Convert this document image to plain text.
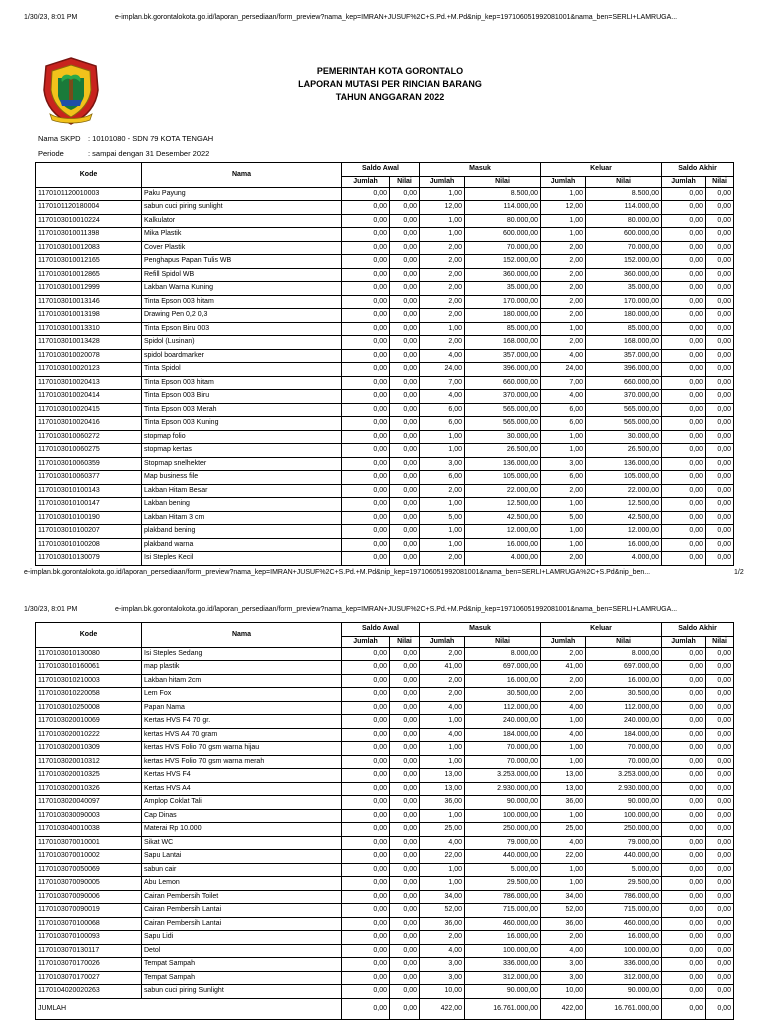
1/30/23, 8:01 PM	e-implan.bk.gorontalokota.go.id/laporan_persediaan/form_preview?nama_kep=IMRAN+JUSUF%2C+S.Pd.+M.Pd&nip_kep=197106051992081001&nama_ben=SERLI+LAMRUGA...
PEMERINTAH KOTA GORONTALO
LAPORAN MUTASI PER RINCIAN BARANG
TAHUN ANGGARAN 2022
Nama SKPD : 10101080 - SDN 79 KOTA TENGAH
Periode	: sampai dengan 31 Desember 2022
Kode	Nama	Saldo Awal		Masuk		Keluar		Saldo Akhir	
		Jumlah	Nilai	Jumlah	Nilai	Jumlah	Nilai	Jumlah	Nilai
1170101120010003	Paku Payung	0,00	0,00	1,00	8.500,00	1,00	8.500,00	0,00	0,00
1170101120180004	sabun cuci piring sunlight	0,00	0,00	12,00	114.000,00	12,00	114.000,00	0,00	0,00
1170103010010224	Kalkulator	0,00	0,00	1,00	80.000,00	1,00	80.000,00	0,00	0,00
1170103010011398	Mika Plastik	0,00	0,00	1,00	600.000,00	1,00	600.000,00	0,00	0,00
1170103010012083	Cover Plastik	0,00	0,00	2,00	70.000,00	2,00	70.000,00	0,00	0,00
1170103010012165	Penghapus Papan Tulis WB	0,00	0,00	2,00	152.000,00	2,00	152.000,00	0,00	0,00
1170103010012865	Refill Spidol WB	0,00	0,00	2,00	360.000,00	2,00	360.000,00	0,00	0,00
1170103010012999	Lakban Warna Kuning	0,00	0,00	2,00	35.000,00	2,00	35.000,00	0,00	0,00
1170103010013146	Tinta Epson 003 hitam	0,00	0,00	2,00	170.000,00	2,00	170.000,00	0,00	0,00
1170103010013198	Drawing Pen 0,2 0,3	0,00	0,00	2,00	180.000,00	2,00	180.000,00	0,00	0,00
1170103010013310	Tinta Epson Biru 003	0,00	0,00	1,00	85.000,00	1,00	85.000,00	0,00	0,00
1170103010013428	Spidol (Lusinan)	0,00	0,00	2,00	168.000,00	2,00	168.000,00	0,00	0,00
1170103010020078	spidol boardmarker	0,00	0,00	4,00	357.000,00	4,00	357.000,00	0,00	0,00
1170103010020123	Tinta Spidol	0,00	0,00	24,00	396.000,00	24,00	396.000,00	0,00	0,00
1170103010020413	Tinta Epson 003 hitam	0,00	0,00	7,00	660.000,00	7,00	660.000,00	0,00	0,00
1170103010020414	Tinta Epson 003 Biru	0,00	0,00	4,00	370.000,00	4,00	370.000,00	0,00	0,00
1170103010020415	Tinta Epson 003 Merah	0,00	0,00	6,00	565.000,00	6,00	565.000,00	0,00	0,00
1170103010020416	Tinta Epson 003 Kuning	0,00	0,00	6,00	565.000,00	6,00	565.000,00	0,00	0,00
1170103010060272	stopmap folio	0,00	0,00	1,00	30.000,00	1,00	30.000,00	0,00	0,00
1170103010060275	stopmap kertas	0,00	0,00	1,00	26.500,00	1,00	26.500,00	0,00	0,00
1170103010060359	Stopmap snelhekter	0,00	0,00	3,00	136.000,00	3,00	136.000,00	0,00	0,00
1170103010060377	Map business file	0,00	0,00	6,00	105.000,00	6,00	105.000,00	0,00	0,00
1170103010100143	Lakban Hitam Besar	0,00	0,00	2,00	22.000,00	2,00	22.000,00	0,00	0,00
1170103010100147	Lakban bening	0,00	0,00	1,00	12.500,00	1,00	12.500,00	0,00	0,00
1170103010100190	Lakban Hitam 3 cm	0,00	0,00	5,00	42.500,00	5,00	42.500,00	0,00	0,00
1170103010100207	plakband bening	0,00	0,00	1,00	12.000,00	1,00	12.000,00	0,00	0,00
1170103010100208	plakband warna	0,00	0,00	1,00	16.000,00	1,00	16.000,00	0,00	0,00
1170103010130079	Isi Steples Kecil	0,00	0,00	2,00	4.000,00	2,00	4.000,00	0,00	0,00
e-implan.bk.gorontalokota.go.id/laporan_persediaan/form_preview?nama_kep=IMRAN+JUSUF%2C+S.Pd.+M.Pd&nip_kep=197106051992081001&nama_ben=SERLI+LAMRUGA%2C+S.Pd&nip_ben...	1/2
1/30/23, 8:01 PM	e-implan.bk.gorontalokota.go.id/laporan_persediaan/form_preview?nama_kep=IMRAN+JUSUF%2C+S.Pd.+M.Pd&nip_kep=197106051992081001&nama_ben=SERLI+LAMRUGA...
Kode	Nama	Saldo Awal		Masuk		Keluar		Saldo Akhir	
		Jumlah	Nilai	Jumlah	Nilai	Jumlah	Nilai	Jumlah	Nilai
1170103010130080	Isi Steples Sedang	0,00	0,00	2,00	8.000,00	2,00	8.000,00	0,00	0,00
1170103010160061	map plastik	0,00	0,00	41,00	697.000,00	41,00	697.000,00	0,00	0,00
1170103010210003	Lakban hitam 2cm	0,00	0,00	2,00	16.000,00	2,00	16.000,00	0,00	0,00
1170103010220058	Lem Fox	0,00	0,00	2,00	30.500,00	2,00	30.500,00	0,00	0,00
1170103010250008	Papan Nama	0,00	0,00	4,00	112.000,00	4,00	112.000,00	0,00	0,00
1170103020010069	Kertas HVS F4 70 gr.	0,00	0,00	1,00	240.000,00	1,00	240.000,00	0,00	0,00
1170103020010222	kertas HVS A4 70 gram	0,00	0,00	4,00	184.000,00	4,00	184.000,00	0,00	0,00
1170103020010309	kertas HVS Folio 70 gsm warna hijau	0,00	0,00	1,00	70.000,00	1,00	70.000,00	0,00	0,00
1170103020010312	kertas HVS Folio 70 gsm warna merah	0,00	0,00	1,00	70.000,00	1,00	70.000,00	0,00	0,00
1170103020010325	Kertas HVS F4	0,00	0,00	13,00	3.253.000,00	13,00	3.253.000,00	0,00	0,00
1170103020010326	Kertas HVS A4	0,00	0,00	13,00	2.930.000,00	13,00	2.930.000,00	0,00	0,00
1170103020040097	Amplop Coklat Tali	0,00	0,00	36,00	90.000,00	36,00	90.000,00	0,00	0,00
1170103030090003	Cap Dinas	0,00	0,00	1,00	100.000,00	1,00	100.000,00	0,00	0,00
1170103040010038	Materai Rp 10.000	0,00	0,00	25,00	250.000,00	25,00	250.000,00	0,00	0,00
1170103070010001	Sikat WC	0,00	0,00	4,00	79.000,00	4,00	79.000,00	0,00	0,00
1170103070010002	Sapu Lantai	0,00	0,00	22,00	440.000,00	22,00	440.000,00	0,00	0,00
1170103070050069	sabun cair	0,00	0,00	1,00	5.000,00	1,00	5.000,00	0,00	0,00
1170103070090005	Abu Lemon	0,00	0,00	1,00	29.500,00	1,00	29.500,00	0,00	0,00
1170103070090006	Cairan Pembersih Toilet	0,00	0,00	34,00	786.000,00	34,00	786.000,00	0,00	0,00
1170103070090019	Cairan Pembersih Lantai	0,00	0,00	52,00	715.000,00	52,00	715.000,00	0,00	0,00
1170103070100068	Cairan Pembersih Lantai	0,00	0,00	36,00	460.000,00	36,00	460.000,00	0,00	0,00
1170103070100093	Sapu Lidi	0,00	0,00	2,00	16.000,00	2,00	16.000,00	0,00	0,00
1170103070130117	Detol	0,00	0,00	4,00	100.000,00	4,00	100.000,00	0,00	0,00
1170103070170026	Tempat Sampah	0,00	0,00	3,00	336.000,00	3,00	336.000,00	0,00	0,00
1170103070170027	Tempat Sampah	0,00	0,00	3,00	312.000,00	3,00	312.000,00	0,00	0,00
1170104020020263	sabun cuci piring Sunlight	0,00	0,00	10,00	90.000,00	10,00	90.000,00	0,00	0,00
JUMLAH		0,00	0,00	422,00	16.761.000,00	422,00	16.761.000,00	0,00	0,00
